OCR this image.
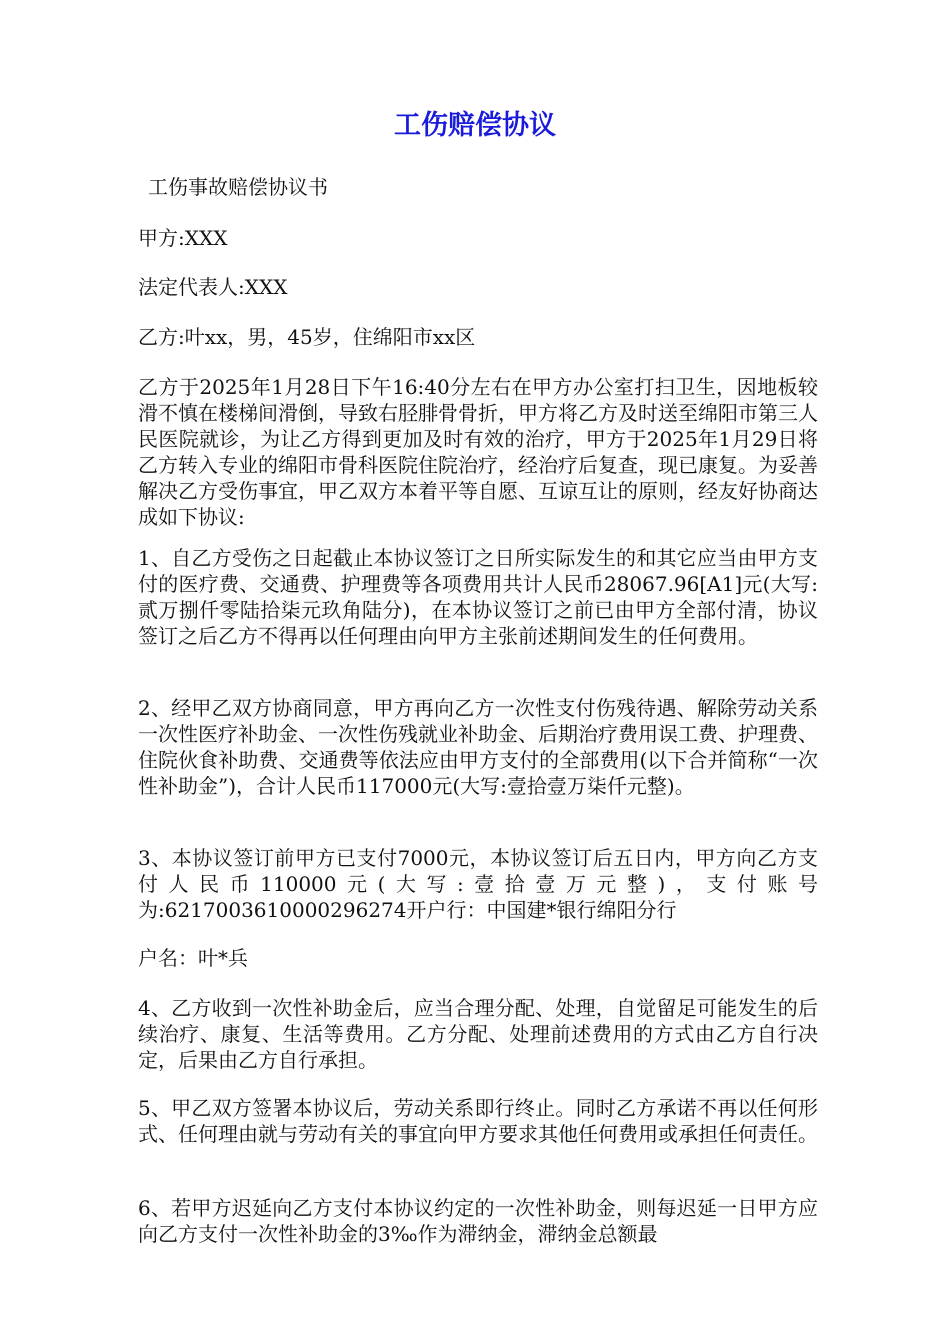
工伤赔偿协议

工伤事故赔偿协议书

甲方:XXX

法定代表人:XXX

乙方:叶xx，男，45岁，住绵阳市xx区

乙方于2025年1月28日下午16:40分左右在甲方办公室打扫卫生，因地板较滑不慎在楼梯间滑倒，导致右胫腓骨骨折，甲方将乙方及时送至绵阳市第三人民医院就诊，为让乙方得到更加及时有效的治疗，甲方于2025年1月29日将乙方转入专业的绵阳市骨科医院住院治疗，经治疗后复查，现已康复。为妥善解决乙方受伤事宜，甲乙双方本着平等自愿、互谅互让的原则，经友好协商达成如下协议:

1、自乙方受伤之日起截止本协议签订之日所实际发生的和其它应当由甲方支付的医疗费、交通费、护理费等各项费用共计人民币28067.96[A1]元(大写:贰万捌仟零陆拾柒元玖角陆分)，在本协议签订之前已由甲方全部付清，协议签订之后乙方不得再以任何理由向甲方主张前述期间发生的任何费用。

2、经甲乙双方协商同意，甲方再向乙方一次性支付伤残待遇、解除劳动关系一次性医疗补助金、一次性伤残就业补助金、后期治疗费用误工费、护理费、住院伙食补助费、交通费等依法应由甲方支付的全部费用(以下合并简称“一次性补助金”)，合计人民币117000元(大写:壹拾壹万柒仟元整)。

3、本协议签订前甲方已支付7000元，本协议签订后五日内，甲方向乙方支付人民币110000元(大写:壹拾壹万元整)，支付账号为:6217003610000296274开户行：中国建*银行绵阳分行

户名：叶*兵

4、乙方收到一次性补助金后，应当合理分配、处理，自觉留足可能发生的后续治疗、康复、生活等费用。乙方分配、处理前述费用的方式由乙方自行决定，后果由乙方自行承担。

5、甲乙双方签署本协议后，劳动关系即行终止。同时乙方承诺不再以任何形式、任何理由就与劳动有关的事宜向甲方要求其他任何费用或承担任何责任。

6、若甲方迟延向乙方支付本协议约定的一次性补助金，则每迟延一日甲方应向乙方支付一次性补助金的3‰作为滞纳金，滞纳金总额最
